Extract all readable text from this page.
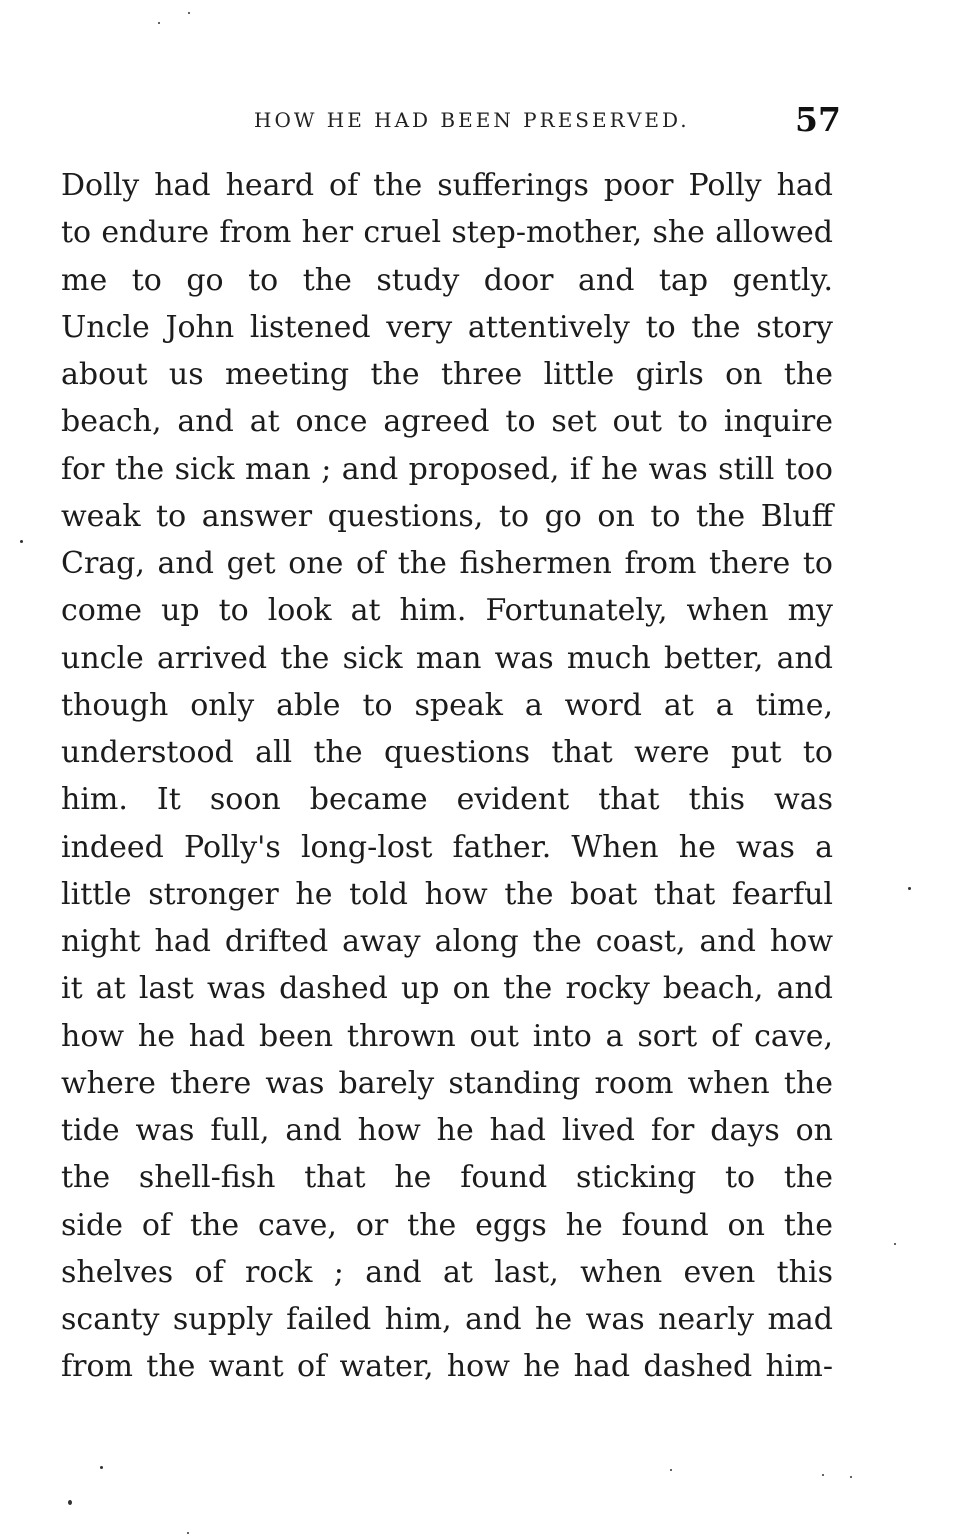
HOW HE HAD BEEN PRESERVED.	57
Dolly had heard of the sufferings poor Polly had
to endure from her cruel step-mother, she allowed
me to go to the study door and tap gently.
Uncle John listened very attentively to the story
about us meeting the three little girls on the
beach, and at once agreed to set out to inquire
for the sick man ; and proposed, if he was still too
weak to answer questions, to go on to the Bluff
Crag, and get one of the fishermen from there to
come up to look at him. Fortunately, when my
uncle arrived the sick man was much better, and
though only able to speak a word at a time,
understood all the questions that were put to
him. It soon became evident that this was
indeed Polly's long-lost father. When he was a
little stronger he told how the boat that fearful
night had drifted away along the coast, and how
it at last was dashed up on the rocky beach, and
how he had been thrown out into a sort of cave,
where there was barely standing room when the
tide was full, and how he had lived for days on
the shell-fish that he found sticking to the
side of the cave, or the eggs he found on the
shelves of rock ; and at last, when even this
scanty supply failed him, and he was nearly mad
from the want of water, how he had dashed him-
